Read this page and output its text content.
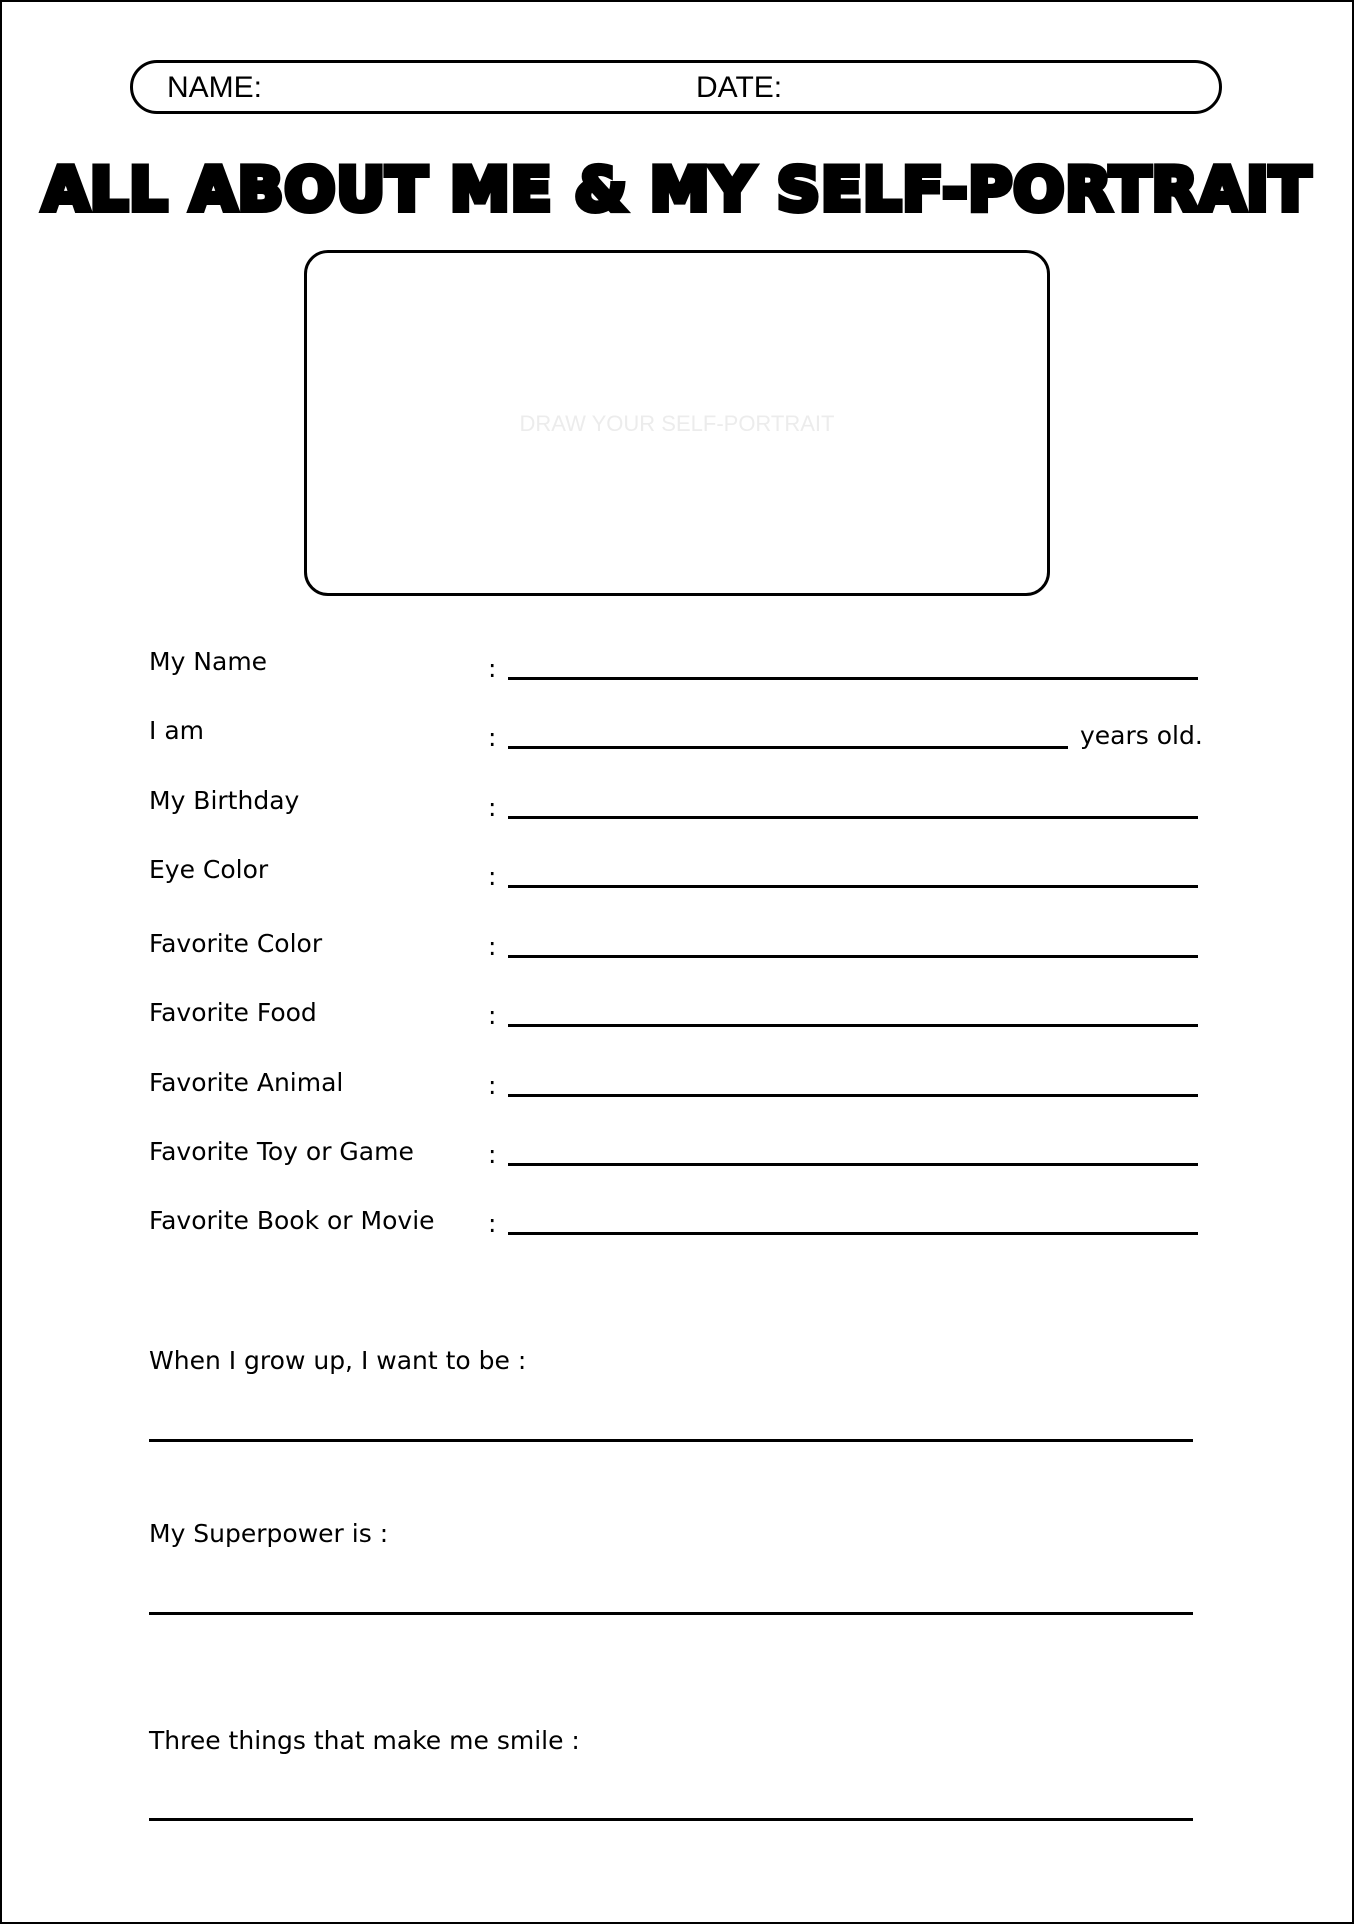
NAME:	DATE:
ALL ABOUT ME & MY SELF-PORTRAIT
DRAW YOUR SELF-PORTRAIT
My Name	:
I am	:	years old.
My Birthday	:
Eye Color	:
Favorite Color	:
Favorite Food	:
Favorite Animal	:
Favorite Toy or Game	:
Favorite Book or Movie :
When I grow up, I want to be :
My Superpower is :
Three things that make me smile :
